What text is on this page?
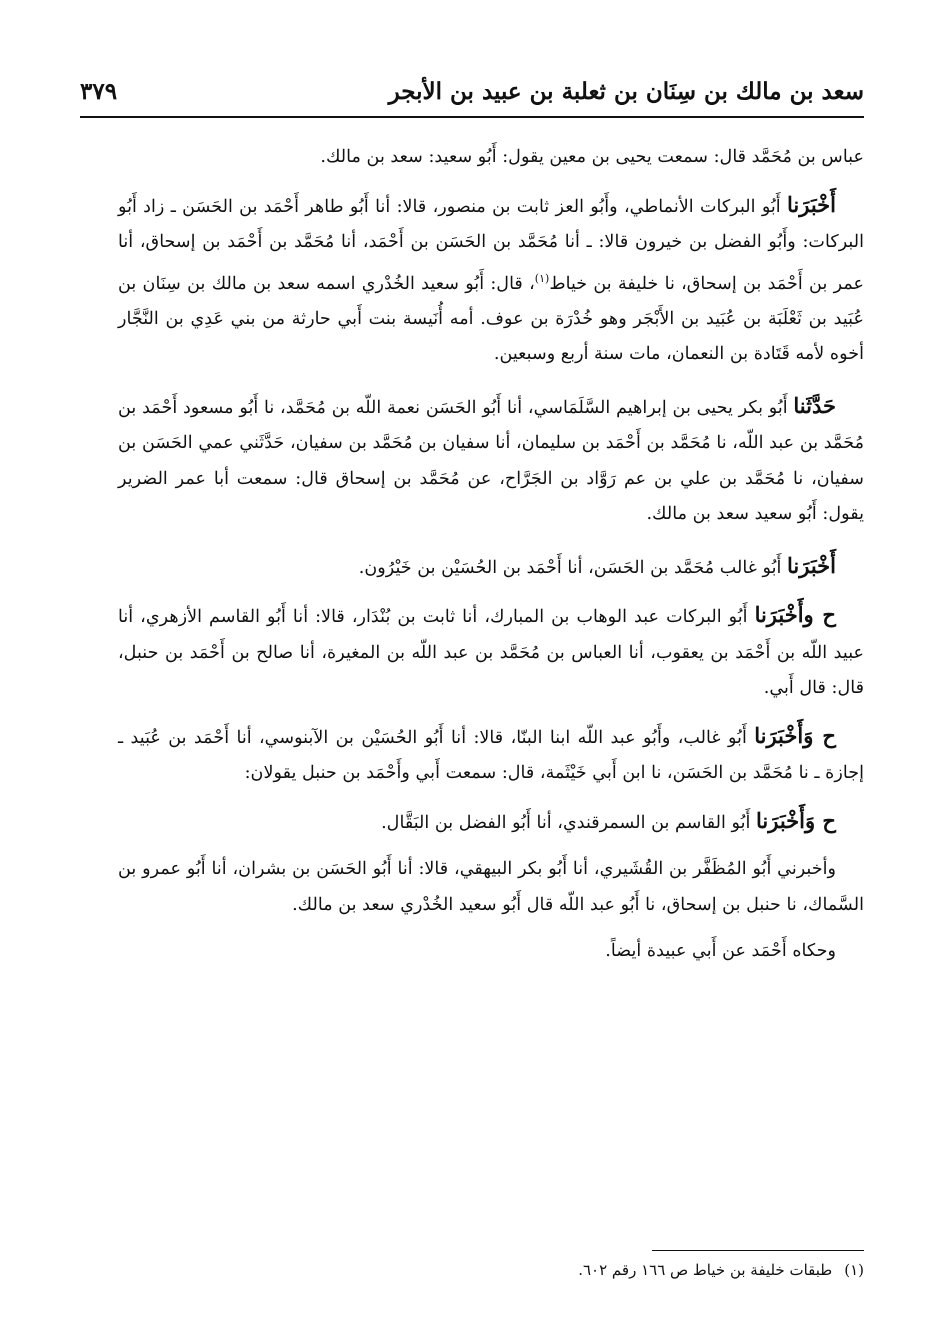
سعد بن مالك بن سِنَان بن ثعلبة بن عبيد بن الأبجر
٣٧٩

عباس بن مُحَمَّد قال: سمعت يحيى بن معين يقول: أَبُو سعيد: سعد بن مالك.

أَخْبَرَنا أَبُو البركات الأنماطي، وأَبُو العز ثابت بن منصور، قالا: أنا أَبُو طاهر أَحْمَد بن الحَسَن ـ زاد أَبُو البركات: وأَبُو الفضل بن خيرون قالا: ـ أنا مُحَمَّد بن الحَسَن بن أَحْمَد، أنا مُحَمَّد بن أَحْمَد بن إسحاق، أنا عمر بن أَحْمَد بن إسحاق، نا خليفة بن خياط$^{(١)}$، قال: أَبُو سعيد الخُدْري اسمه سعد بن مالك بن سِنَان بن عُبَيد بن ثَعْلَبَة بن عُبَيد بن الأَبْجَر وهو خُدْرَة بن عوف. أمه أُنَيسة بنت أَبي حارثة من بني عَدِي بن النَّجَّار أخوه لأمه قَتَادة بن النعمان، مات سنة أربع وسبعين.

حَدَّثَنا أَبُو بكر يحيى بن إبراهيم السَّلَمَاسي، أنا أَبُو الحَسَن نعمة اللّه بن مُحَمَّد، نا أَبُو مسعود أَحْمَد بن مُحَمَّد بن عبد اللّه، نا مُحَمَّد بن أَحْمَد بن سليمان، أنا سفيان بن مُحَمَّد بن سفيان، حَدَّثَني عمي الحَسَن بن سفيان، نا مُحَمَّد بن علي بن عم رَوَّاد بن الجَرَّاح، عن مُحَمَّد بن إسحاق قال: سمعت أبا عمر الضرير يقول: أَبُو سعيد سعد بن مالك.

أَخْبَرَنا أَبُو غالب مُحَمَّد بن الحَسَن، أنا أَحْمَد بن الحُسَيْن بن خَيْرُون.

ح وأَخْبَرَنا أَبُو البركات عبد الوهاب بن المبارك، أنا ثابت بن بُنْدَار، قالا: أنا أَبُو القاسم الأزهري، أنا عبيد اللّه بن أَحْمَد بن يعقوب، أنا العباس بن مُحَمَّد بن عبد اللّه بن المغيرة، أنا صالح بن أَحْمَد بن حنبل، قال: قال أَبي.

ح وَأَخْبَرَنا أَبُو غالب، وأَبُو عبد اللّه ابنا البنّا، قالا: أنا أَبُو الحُسَيْن بن الآبنوسي، أنا أَحْمَد بن عُبَيد ـ إجازة ـ نا مُحَمَّد بن الحَسَن، نا ابن أَبي خَيْثَمة، قال: سمعت أَبي وأَحْمَد بن حنبل يقولان:

ح وَأَخْبَرَنا أَبُو القاسم بن السمرقندي، أنا أَبُو الفضل بن البَقَّال.

وأخبرني أَبُو المُظَفَّر بن القُشَيري، أنا أَبُو بكر البيهقي، قالا: أنا أَبُو الحَسَن بن بشران، أنا أَبُو عمرو بن السَّماك، نا حنبل بن إسحاق، نا أَبُو عبد اللّه قال أَبُو سعيد الخُدْري سعد بن مالك.

وحكاه أَحْمَد عن أَبي عبيدة أيضاً.

(١)طبقات خليفة بن خياط ص ١٦٦ رقم ٦٠٢.
